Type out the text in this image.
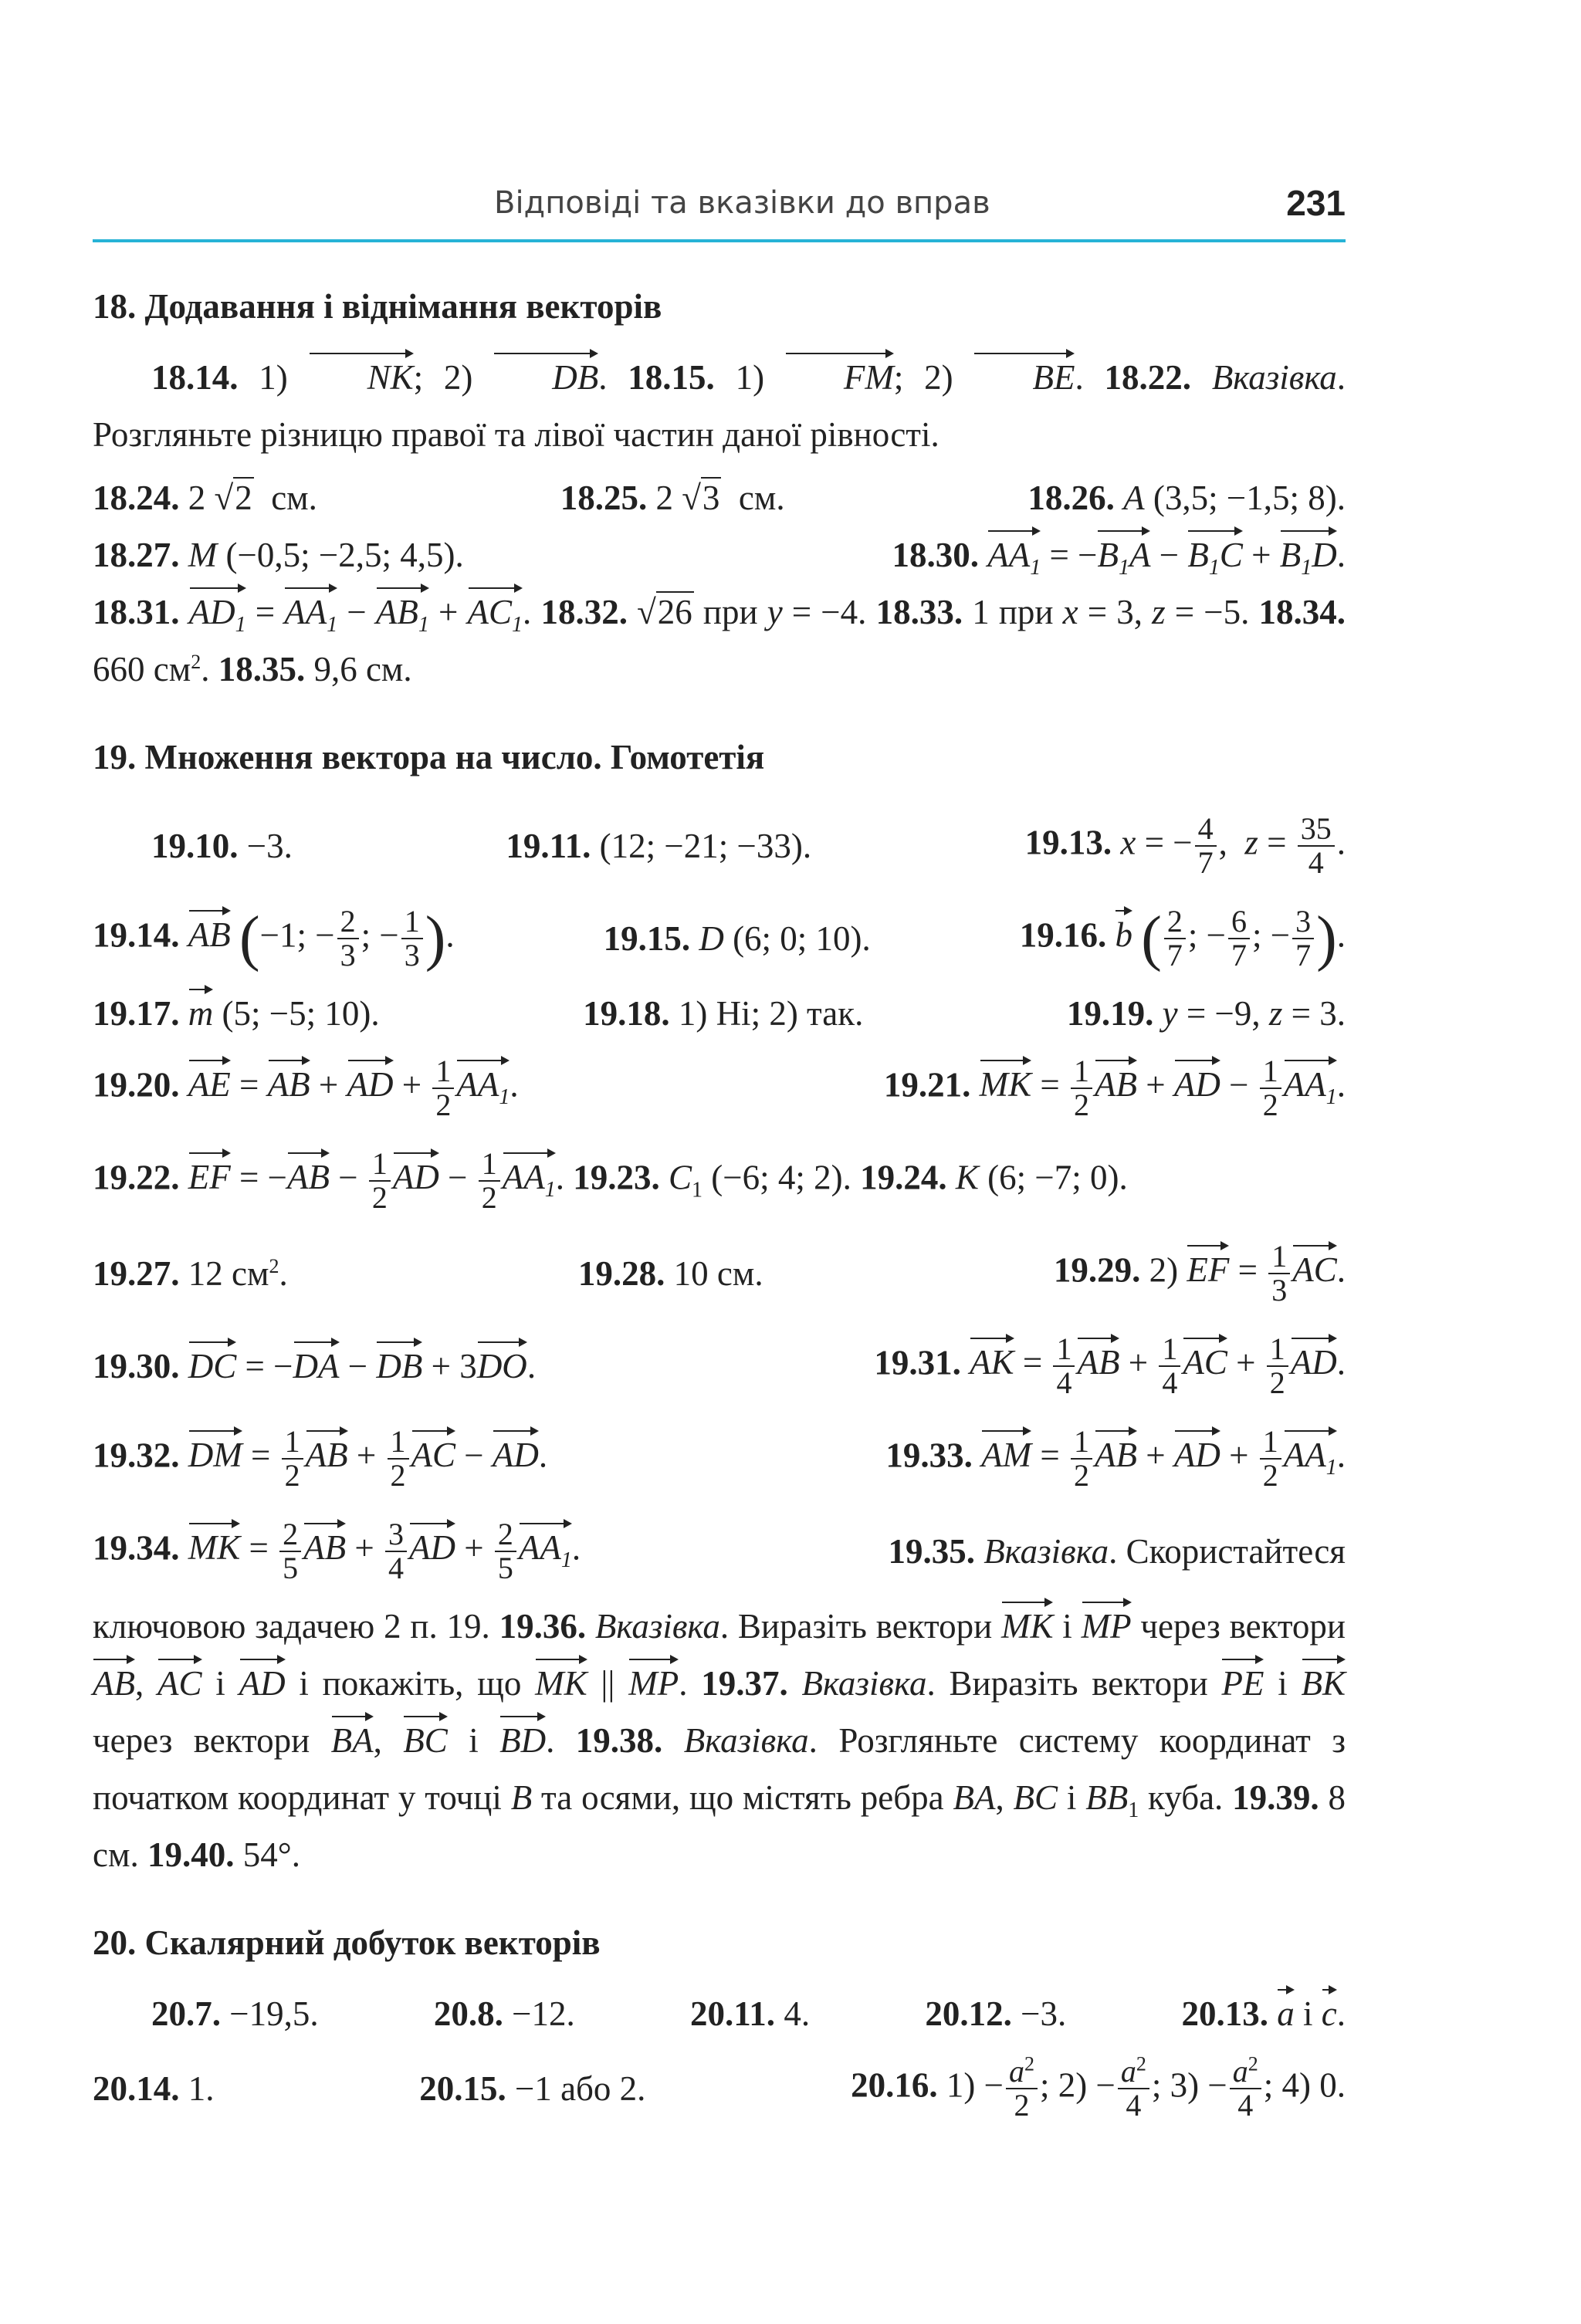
Відповіді та вказівки до вправ	231
18. Додавання і віднімання векторів
18.14. 1) NK; 2) DB. 18.15. 1) FM; 2) BE. 18.22. Вказівка. Розгляньте різницю правої та лівої частин даної рівності.
18.24. 2 √2  см.	18.25. 2 √3  см.	18.26. A (3,5; −1,5; 8).
18.27. M (−0,5; −2,5; 4,5).	18.30. $AA_1 = -B_1A - B_1C + B_1D$.
18.31. $AD_1 = AA_1 - AB_1 + AC_1$. 18.32. √26 при y = −4. 18.33. 1 при x = 3, z = −5. 18.34. 660 $см^2$. 18.35. 9,6 см.
19. Множення вектора на число. Гомотетія
19.10. −3.	19.11. (12; −21; −33).	19.13. x = − $\frac{4}{7}$ ,  $z = \frac{35}{4}$ .
19.14. AB (−1; − $\frac{2}{3}$ ; − $\frac{1}{3}$ ).	19.15. D (6; 0; 10).	19.16. b ( $\frac{2}{7}$ ; − $\frac{6}{7}$ ; − $\frac{3}{7}$ ).
19.17. m (5; −5; 10).	19.18. 1) Ні; 2) так.	19.19. y = −9, z = 3.
19.20. AE = AB + AD + $\frac{1}{2} AA_1$.	19.21. MK = $\frac{1}{2}$ AB + AD − $\frac{1}{2} AA_1$.
19.22. EF = $-AB - \frac{1}{2}$ AD − $\frac{1}{2} AA_1$. 19.23. $C_1$ (−6; 4; 2). 19.24. K (6; −7; 0).
19.27. 12 $см^2$.	19.28. 10 см.	19.29. 2) EF = $\frac{1}{3}$ AC.
19.30. DC = −DA − DB + 3DO.	19.31. AK = $\frac{1}{4}$ AB + $\frac{1}{4}$ AC + $\frac{1}{2}$ AD.
19.32. DM = $\frac{1}{2}$ AB + $\frac{1}{2}$ AC − AD.	19.33. AM = $\frac{1}{2}$ AB + AD + $\frac{1}{2} AA_1$.
19.34. MK = $\frac{2}{5}$ AB + $\frac{3}{4}$ AD + $\frac{2}{5} AA_1$.	19.35. Вказівка. Скористайтеся
ключовою задачею 2 п. 19. 19.36. Вказівка. Виразіть вектори MK і MP через вектори AB, AC і AD і покажіть, що MK || MP. 19.37. Вказівка. Виразіть вектори PE і BK через вектори BA, BC і BD. 19.38. Вказівка. Розгляньте систему координат з початком координат у точці B та осями, що містять ребра BA, BC і $BB_1$ куба. 19.39. 8 см. 19.40. 54°.
20. Скалярний добуток векторів
20.7. −19,5.	20.8. −12.	20.11. 4.	20.12. −3.	20.13. a і c.
20.14. 1.	20.15. −1 або 2.	20.16. $1) - \frac{a^2}{2}$ ; $2) - \frac{a^2}{4}$ ; $3) - \frac{a^2}{4}$ ; 4) 0.
